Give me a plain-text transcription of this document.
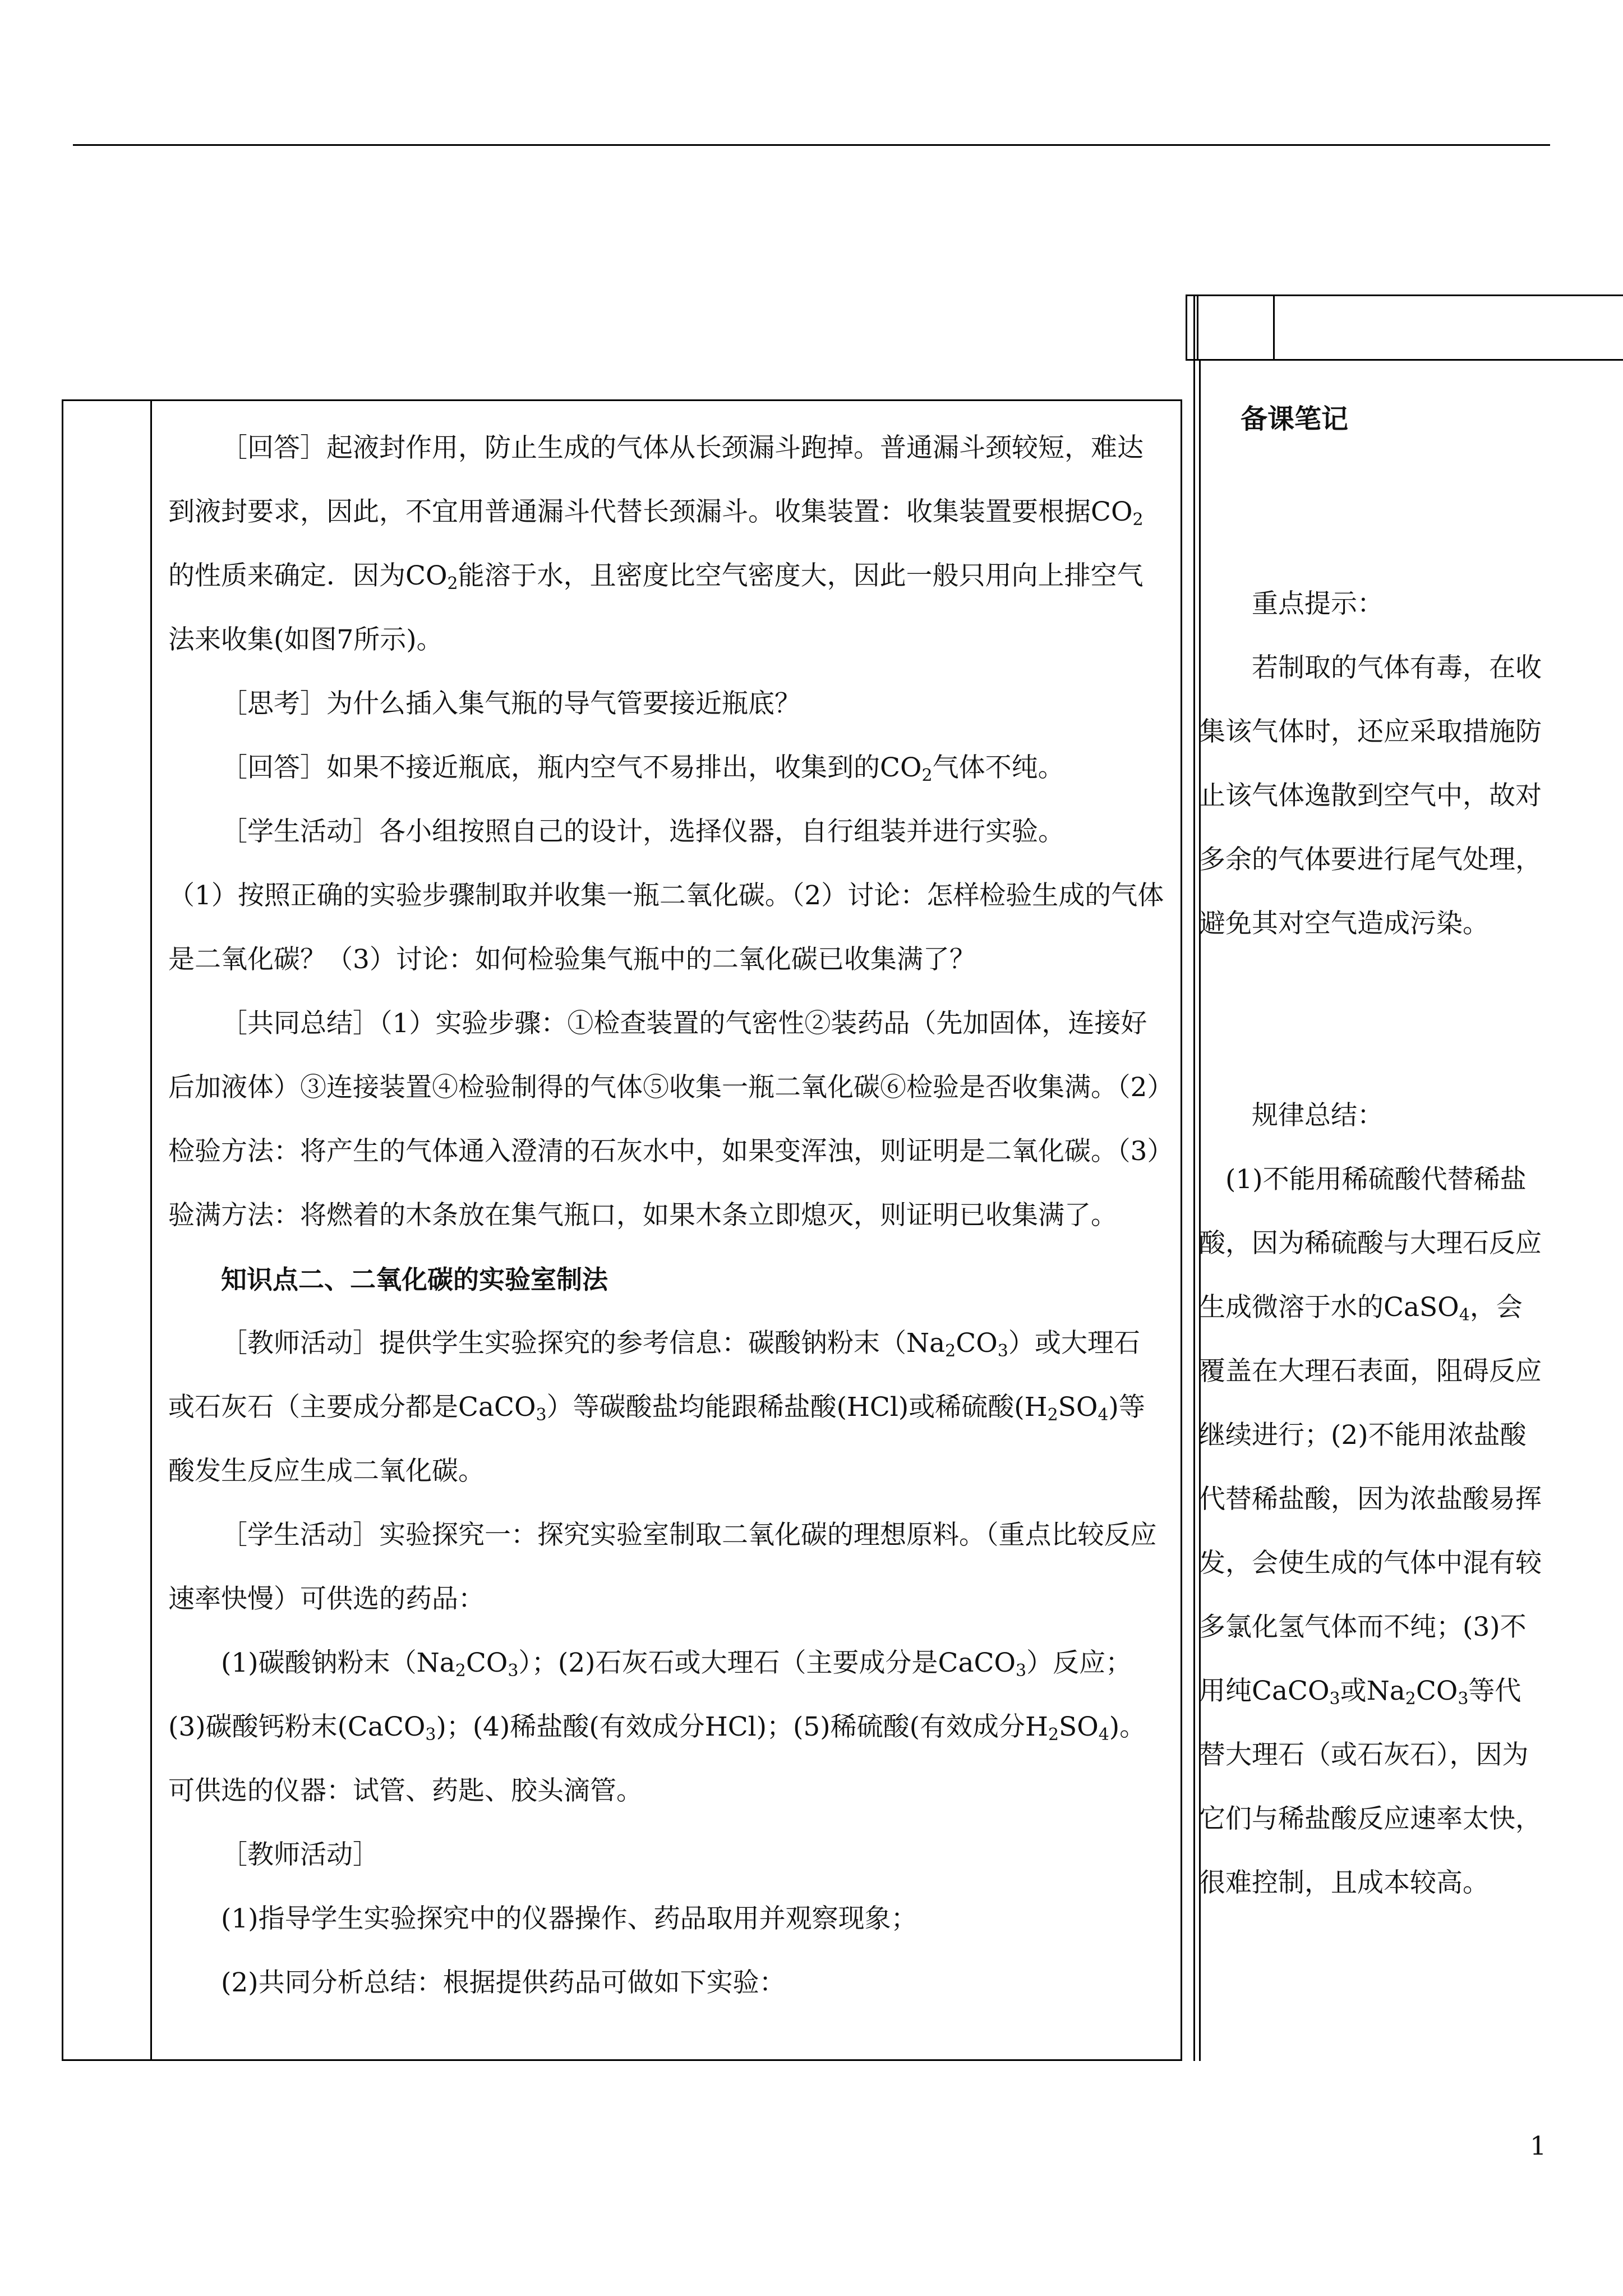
［回答］起液封作用，防止生成的气体从长颈漏斗跑掉。普通漏斗颈较短，难达到液封要求，因此，不宜用普通漏斗代替长颈漏斗。收集装置：收集装置要根据$CO_2$的性质来确定．因为$CO_2$能溶于水，且密度比空气密度大，因此一般只用向上排空气法来收集(如图7所示)。

［思考］为什么插入集气瓶的导气管要接近瓶底？

［回答］如果不接近瓶底，瓶内空气不易排出，收集到的$CO_2$气体不纯。

［学生活动］各小组按照自己的设计，选择仪器，自行组装并进行实验。

（1）按照正确的实验步骤制取并收集一瓶二氧化碳。（2）讨论：怎样检验生成的气体是二氧化碳？（3）讨论：如何检验集气瓶中的二氧化碳已收集满了？

［共同总结］（1）实验步骤：①检查装置的气密性②装药品（先加固体，连接好后加液体）③连接装置④检验制得的气体⑤收集一瓶二氧化碳⑥检验是否收集满。（2）检验方法：将产生的气体通入澄清的石灰水中，如果变浑浊，则证明是二氧化碳。（3）验满方法：将燃着的木条放在集气瓶口，如果木条立即熄灭，则证明已收集满了。

知识点二、二氧化碳的实验室制法

［教师活动］提供学生实验探究的参考信息：碳酸钠粉末$(Na_2CO_3)$或大理石或石灰石（主要成分都是CaCO$_3$）等碳酸盐均能跟稀盐酸(HCl)或稀硫酸$(H_2SO_4)$等酸发生反应生成二氧化碳。

［学生活动］实验探究一：探究实验室制取二氧化碳的理想原料。（重点比较反应速率快慢）可供选的药品：

(1)碳酸钠粉末$(Na_2CO_3)$；(2)石灰石或大理石（主要成分是CaCO$_3$）反应；(3)碳酸钙粉末(CaCO$_3$)；(4)稀盐酸(有效成分HCl)；(5)稀硫酸(有效成分$H_2SO_4$)。可供选的仪器：试管、药匙、胶头滴管。

［教师活动］

(1)指导学生实验探究中的仪器操作、药品取用并观察现象；

(2)共同分析总结：根据提供药品可做如下实验：

备课笔记

重点提示：

若制取的气体有毒，在收集该气体时，还应采取措施防止该气体逸散到空气中，故对多余的气体要进行尾气处理，避免其对空气造成污染。

规律总结：

(1)不能用稀硫酸代替稀盐酸，因为稀硫酸与大理石反应生成微溶于水的CaSO$_4$，会覆盖在大理石表面，阻碍反应继续进行；(2)不能用浓盐酸代替稀盐酸，因为浓盐酸易挥发，会使生成的气体中混有较多氯化氢气体而不纯；(3)不用纯CaCO$_3$或$Na_2CO_3$等代替大理石（或石灰石），因为它们与稀盐酸反应速率太快，很难控制，且成本较高。

1
